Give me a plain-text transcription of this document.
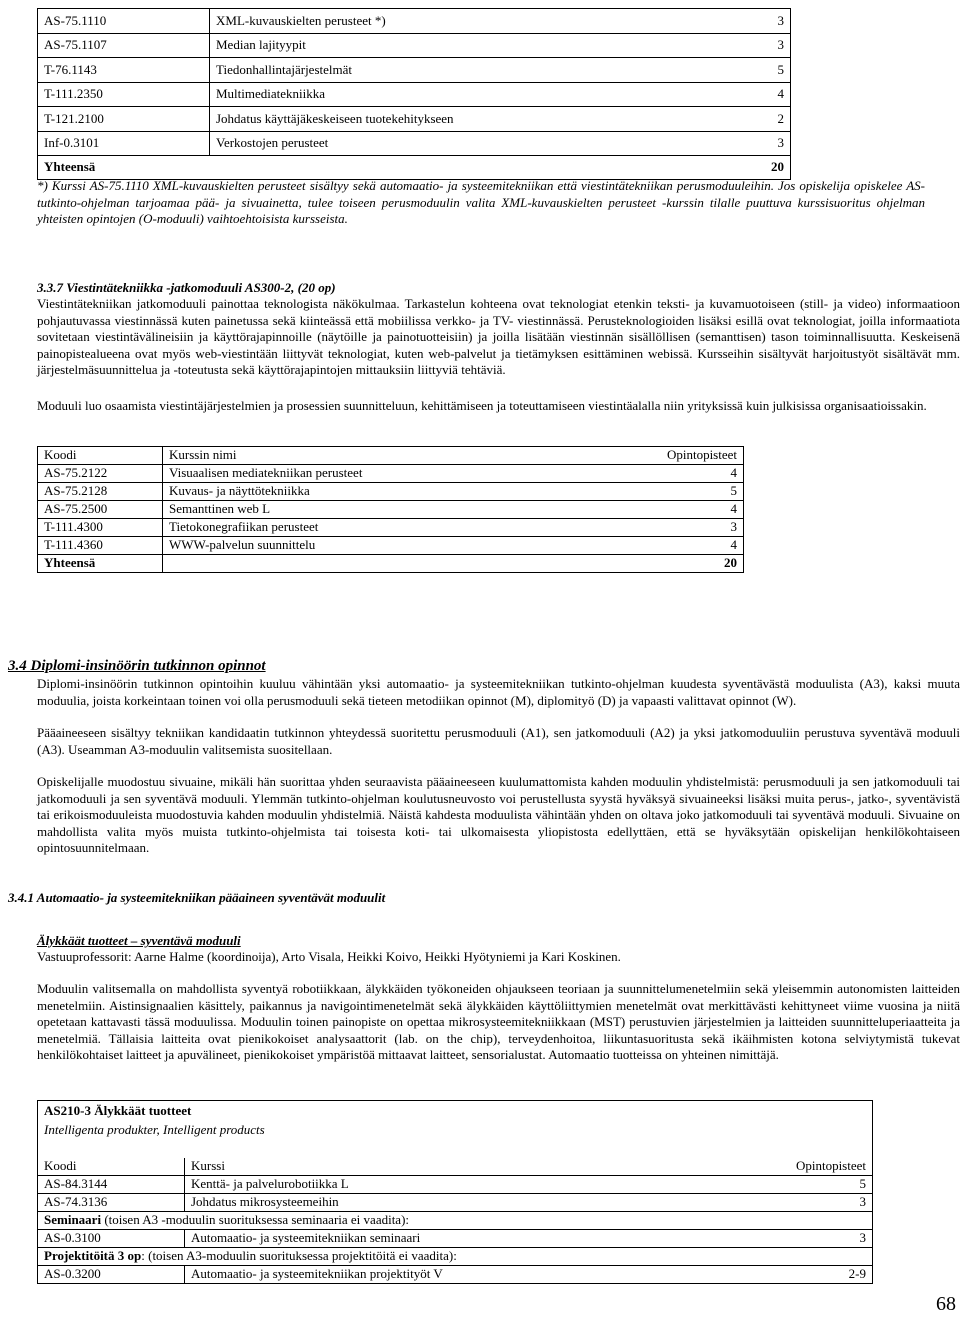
AS-75.1110	XML-kuvauskielten perusteet *)	3
AS-75.1107	Median lajityypit	3
T-76.1143	Tiedonhallintajärjestelmät	5
T-111.2350	Multimediatekniikka	4
T-121.2100	Johdatus käyttäjäkeskeiseen tuotekehitykseen	2
Inf-0.3101	Verkostojen perusteet	3
Yhteensä		20

*) Kurssi AS-75.1110 XML-kuvauskielten perusteet sisältyy sekä automaatio- ja systeemitekniikan että viestintätekniikan perusmoduuleihin. Jos opiskelija opiskelee AS-tutkinto-ohjelman tarjoamaa pää- ja sivuainetta, tulee toiseen perusmoduulin valita XML-kuvauskielten perusteet -kurssin tilalle puuttuva kurssisuoritus ohjelman yhteisten opintojen (O-moduuli) vaihtoehtoisista kursseista.

3.3.7 Viestintätekniikka -jatkomoduuli AS300-2, (20 op)

Viestintätekniikan jatkomoduuli painottaa teknologista näkökulmaa. Tarkastelun kohteena ovat teknologiat etenkin teksti- ja kuvamuotoiseen (still- ja video) informaatioon pohjautuvassa viestinnässä kuten painetussa sekä kiinteässä että mobiilissa verkko- ja TV- viestinnässä. Perusteknologioiden lisäksi esillä ovat teknologiat, joilla informaatiota sovitetaan viestintävälineisiin ja käyttörajapinnoille (näytöille ja painotuotteisiin) ja joilla lisätään viestinnän sisällöllisen (semanttisen) tason toiminnallisuutta. Keskeisenä painopistealueena ovat myös web-viestintään liittyvät teknologiat, kuten web-palvelut ja tietämyksen esittäminen webissä. Kursseihin sisältyvät harjoitustyöt sisältävät mm. järjestelmäsuunnittelua ja -toteutusta sekä käyttörajapintojen mittauksiin liittyviä tehtäviä.

Moduuli luo osaamista viestintäjärjestelmien ja prosessien suunnitteluun, kehittämiseen ja toteuttamiseen viestintäalalla niin yrityksissä kuin julkisissa organisaatioissakin.

Koodi	Kurssin nimi	Opintopisteet
AS-75.2122	Visuaalisen mediatekniikan perusteet	4
AS-75.2128	Kuvaus- ja näyttötekniikka	5
AS-75.2500	Semanttinen web L	4
T-111.4300	Tietokonegrafiikan perusteet	3
T-111.4360	WWW-palvelun suunnittelu	4
Yhteensä		20
3.4 Diplomi-insinöörin tutkinnon opinnot

Diplomi-insinöörin tutkinnon opintoihin kuuluu vähintään yksi automaatio- ja systeemitekniikan tutkinto-ohjelman kuudesta syventävästä moduulista (A3), kaksi muuta moduulia, joista korkeintaan toinen voi olla perusmoduuli sekä tieteen metodiikan opinnot (M), diplomityö (D) ja vapaasti valittavat opinnot (W).

Pääaineeseen sisältyy tekniikan kandidaatin tutkinnon yhteydessä suoritettu perusmoduuli (A1), sen jatkomoduuli (A2) ja yksi jatkomoduuliin perustuva syventävä moduuli (A3). Useamman A3-moduulin valitsemista suositellaan.

Opiskelijalle muodostuu sivuaine, mikäli hän suorittaa yhden seuraavista pääaineeseen kuulumattomista kahden moduulin yhdistelmistä: perusmoduuli ja sen jatkomoduuli tai jatkomoduuli ja sen syventävä moduuli. Ylemmän tutkinto-ohjelman koulutusneuvosto voi perustellusta syystä hyväksyä sivuaineeksi lisäksi muita perus-, jatko-, syventävistä tai erikoismoduuleista muodostuvia kahden moduulin yhdistelmiä. Näistä kahdesta moduulista vähintään yhden on oltava joko jatkomoduuli tai syventävä moduuli. Sivuaine on mahdollista valita myös muista tutkinto-ohjelmista tai toisesta koti- tai ulkomaisesta yliopistosta edellyttäen, että se hyväksytään opiskelijan henkilökohtaiseen opintosuunnitelmaan.

3.4.1 Automaatio- ja systeemitekniikan pääaineen syventävät moduulit
Älykkäät tuotteet – syventävä moduuli

Vastuuprofessorit: Aarne Halme (koordinoija), Arto Visala, Heikki Koivo, Heikki Hyötyniemi ja Kari Koskinen.

Moduulin valitsemalla on mahdollista syventyä robotiikkaan, älykkäiden työkoneiden ohjaukseen teoriaan ja suunnittelumenetelmiin sekä yleisemmin autonomisten laitteiden menetelmiin. Aistinsignaalien käsittely, paikannus ja navigointimenetelmät sekä älykkäiden käyttöliittymien menetelmät ovat merkittävästi kehittyneet viime vuosina ja niitä opetetaan kattavasti tässä moduulissa. Moduulin toinen painopiste on opettaa mikrosysteemitekniikkaan (MST) perustuvien järjestelmien ja laitteiden suunnitteluperiaatteita ja menetelmiä. Tällaisia laitteita ovat pienikokoiset analysaattorit (lab. on the chip), terveydenhoitoa, liikuntasuoritusta sekä ikäihmisten kotona selviytymistä tukevat henkilökohtaiset laitteet ja apuvälineet, pienikokoiset ympäristöä mittaavat laitteet, sensorialustat. Automaatio tuotteissa on yhteinen nimittäjä.

AS210-3 Älykkäät tuotteet		
Intelligenta produkter, Intelligent products		

Koodi	Kurssi	Opintopisteet
AS-84.3144	Kenttä- ja palvelurobotiikka L	5
AS-74.3136	Johdatus mikrosysteemeihin	3
Seminaari (toisen A3 -moduulin suorituksessa seminaaria ei vaadita):		
AS-0.3100	Automaatio- ja systeemitekniikan seminaari	3
Projektitöitä 3 op: (toisen A3-moduulin suorituksessa projektitöitä ei vaadita):		
AS-0.3200	Automaatio- ja systeemitekniikan projektityöt V	2-9
68
